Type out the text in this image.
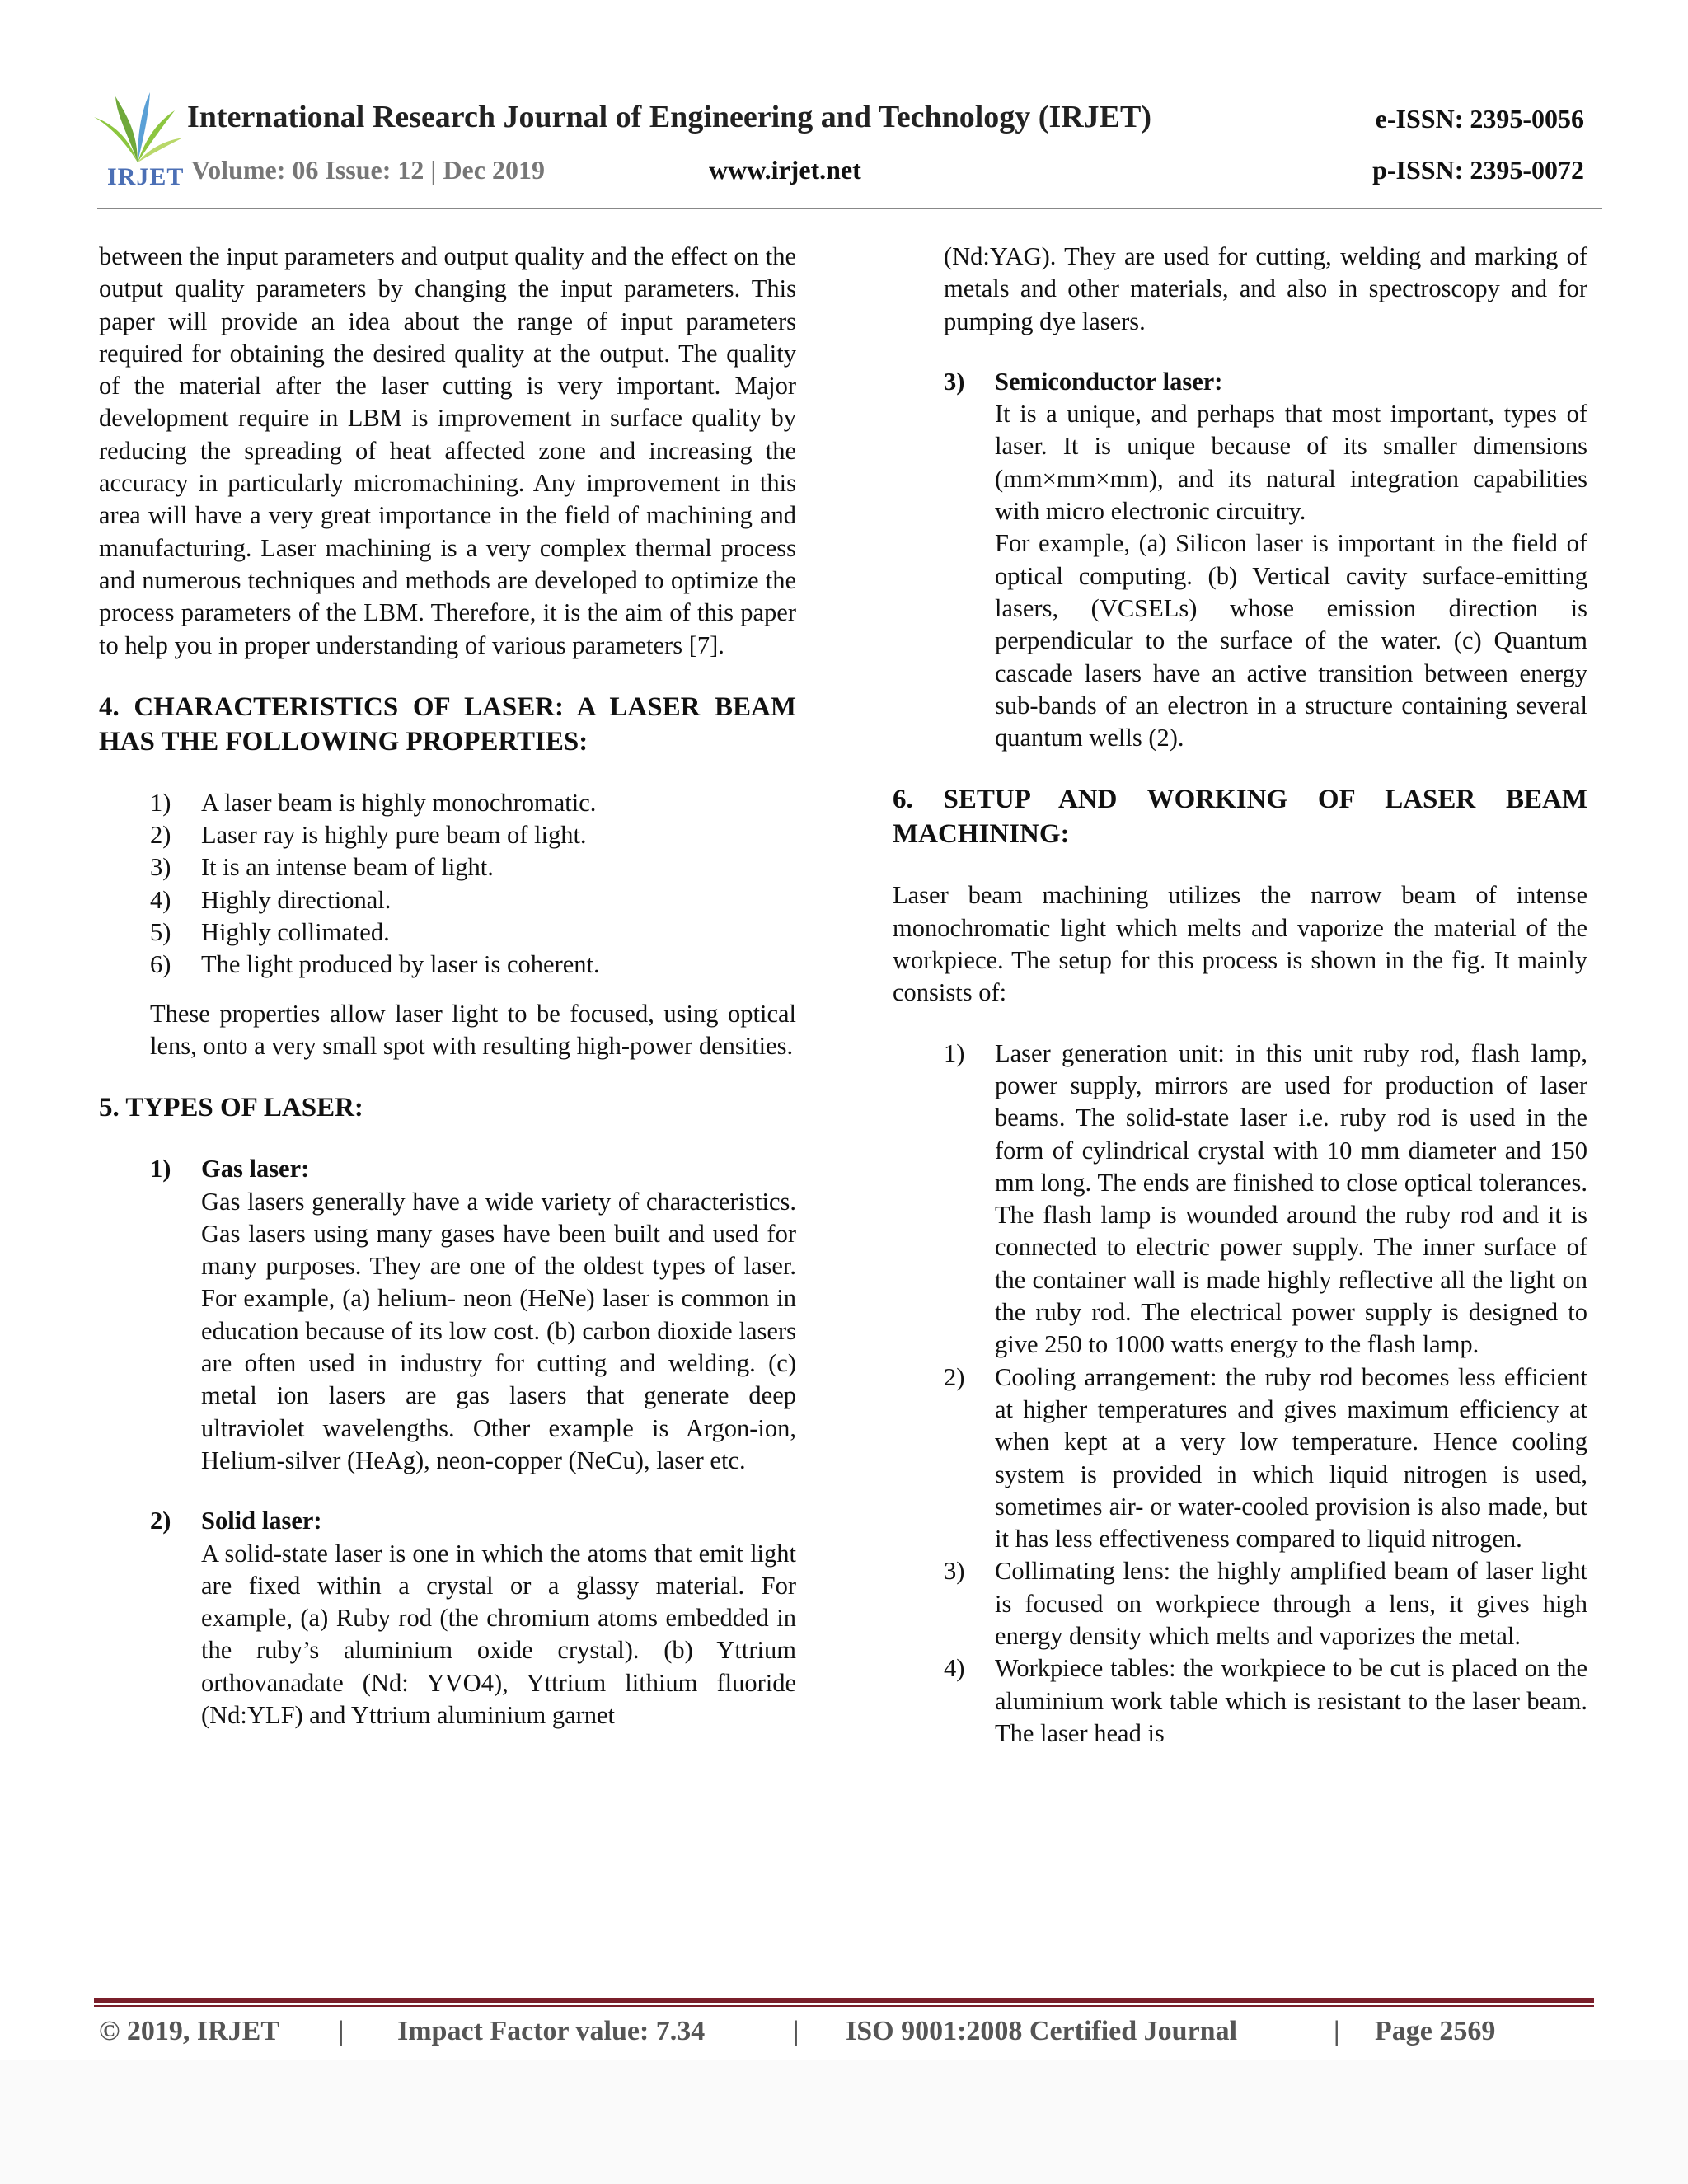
IRJET
International Research Journal of Engineering and Technology (IRJET)	e-ISSN: 2395-0056
Volume: 06 Issue: 12 | Dec 2019	www.irjet.net	p-ISSN: 2395-0072

between the input parameters and output quality and the effect on the output quality parameters by changing the input parameters. This paper will provide an idea about the range of input parameters required for obtaining the desired quality at the output. The quality of the material after the laser cutting is very important. Major development require in LBM is improvement in surface quality by reducing the spreading of heat affected zone and increasing the accuracy in particularly micromachining. Any improvement in this area will have a very great importance in the field of machining and manufacturing. Laser machining is a very complex thermal process and numerous techniques and methods are developed to optimize the process parameters of the LBM. Therefore, it is the aim of this paper to help you in proper understanding of various parameters [7].

4. CHARACTERISTICS OF LASER: A LASER BEAM HAS THE FOLLOWING PROPERTIES:
1) A laser beam is highly monochromatic.
2) Laser ray is highly pure beam of light.
3) It is an intense beam of light.
4) Highly directional.
5) Highly collimated.
6) The light produced by laser is coherent.

These properties allow laser light to be focused, using optical lens, onto a very small spot with resulting high-power densities.

5. TYPES OF LASER:
1) Gas laser:

Gas lasers generally have a wide variety of characteristics. Gas lasers using many gases have been built and used for many purposes. They are one of the oldest types of laser. For example, (a) helium- neon (HeNe) laser is common in education because of its low cost. (b) carbon dioxide lasers are often used in industry for cutting and welding. (c) metal ion lasers are gas lasers that generate deep ultraviolet wavelengths. Other example is Argon-ion, Helium-silver (HeAg), neon-copper (NeCu), laser etc.

2) Solid laser:

A solid-state laser is one in which the atoms that emit light are fixed within a crystal or a glassy material. For example, (a) Ruby rod (the chromium atoms embedded in the ruby’s aluminium oxide crystal). (b) Yttrium orthovanadate (Nd: YVO4), Yttrium lithium fluoride (Nd:YLF) and Yttrium aluminium garnet

(Nd:YAG). They are used for cutting, welding and marking of metals and other materials, and also in spectroscopy and for pumping dye lasers.

3) Semiconductor laser:

It is a unique, and perhaps that most important, types of laser. It is unique because of its smaller dimensions (mm×mm×mm), and its natural integration capabilities with micro electronic circuitry.

For example, (a) Silicon laser is important in the field of optical computing. (b) Vertical cavity surface-emitting lasers, (VCSELs) whose emission direction is perpendicular to the surface of the water. (c) Quantum cascade lasers have an active transition between energy sub-bands of an electron in a structure containing several quantum wells (2).

6. SETUP AND WORKING OF LASER BEAM MACHINING:

Laser beam machining utilizes the narrow beam of intense monochromatic light which melts and vaporize the material of the workpiece. The setup for this process is shown in the fig. It mainly consists of:

1) Laser generation unit: in this unit ruby rod, flash lamp, power supply, mirrors are used for production of laser beams. The solid-state laser i.e. ruby rod is used in the form of cylindrical crystal with 10 mm diameter and 150 mm long. The ends are finished to close optical tolerances. The flash lamp is wounded around the ruby rod and it is connected to electric power supply. The inner surface of the container wall is made highly reflective all the light on the ruby rod. The electrical power supply is designed to give 250 to 1000 watts energy to the flash lamp.
2) Cooling arrangement: the ruby rod becomes less efficient at higher temperatures and gives maximum efficiency at when kept at a very low temperature. Hence cooling system is provided in which liquid nitrogen is used, sometimes air- or water-cooled provision is also made, but it has less effectiveness compared to liquid nitrogen.
3) Collimating lens: the highly amplified beam of laser light is focused on workpiece through a lens, it gives high energy density which melts and vaporizes the metal.
4) Workpiece tables: the workpiece to be cut is placed on the aluminium work table which is resistant to the laser beam. The laser head is
© 2019, IRJET | Impact Factor value: 7.34	| ISO 9001:2008 Certified Journal	| Page 2569
